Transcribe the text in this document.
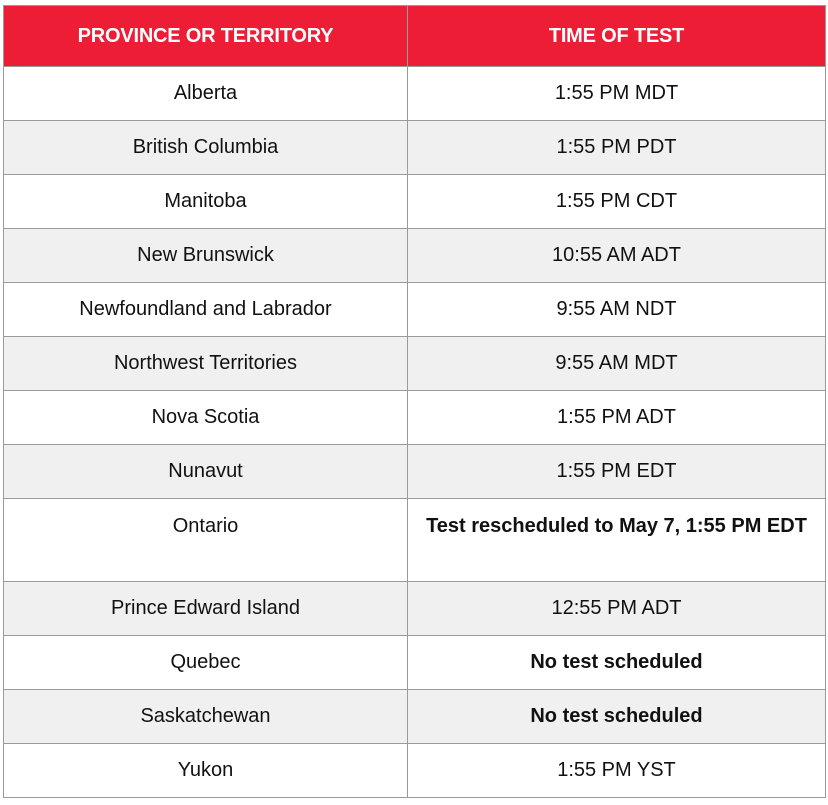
PROVINCE OR TERRITORY	TIME OF TEST
Alberta	1:55 PM MDT
British Columbia	1:55 PM PDT
Manitoba	1:55 PM CDT
New Brunswick	10:55 AM ADT
Newfoundland and Labrador	9:55 AM NDT
Northwest Territories	9:55 AM MDT
Nova Scotia	1:55 PM ADT
Nunavut	1:55 PM EDT
Ontario	Test rescheduled to May 7, 1:55 PM EDT
Prince Edward Island	12:55 PM ADT
Quebec	No test scheduled
Saskatchewan	No test scheduled
Yukon	1:55 PM YST
